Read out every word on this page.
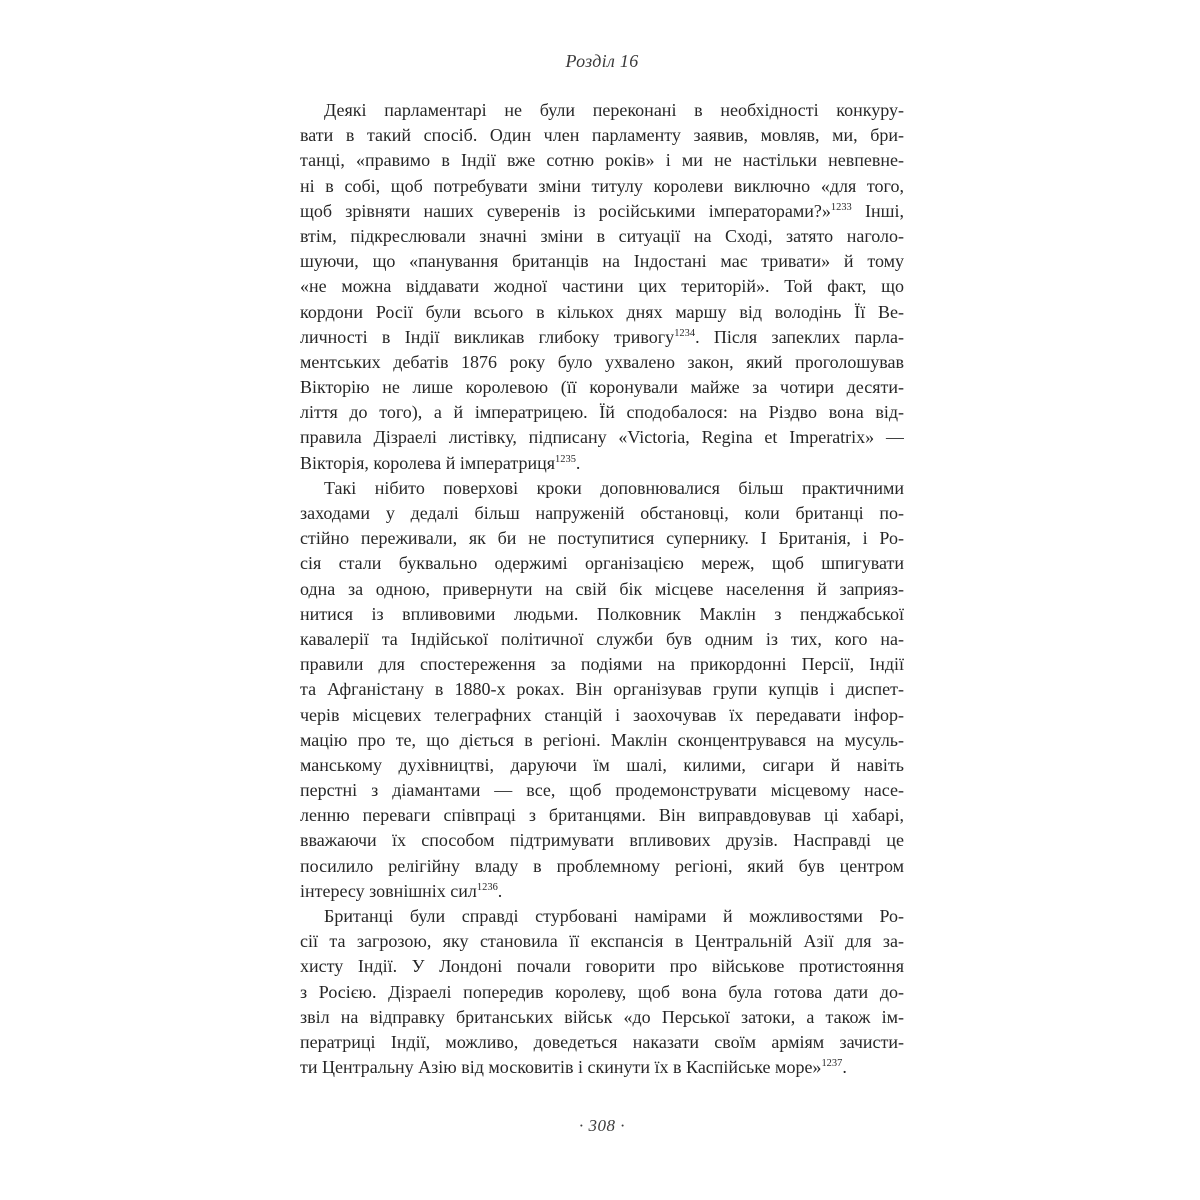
Розділ 16
Деякі парламентарі не були переконані в необхідності конкуру-
вати в такий спосіб. Один член парламенту заявив, мовляв, ми, бри-
танці, «правимо в Індії вже сотню років» і ми не настільки невпевне-
ні в собі, щоб потребувати зміни титулу королеви виключно «для того,
щоб зрівняти наших суверенів із російськими імператорами?»$^{1233}$ Інші,
втім, підкреслювали значні зміни в ситуації на Сході, затято наголо-
шуючи, що «панування британців на Індостані має тривати» й тому
«не можна віддавати жодної частини цих територій». Той факт, що
кордони Росії були всього в кількох днях маршу від володінь Її Ве-
личності в Індії викликав глибоку тривогу$^{1234}$. Після запеклих парла-
ментських дебатів 1876 року було ухвалено закон, який проголошував
Вікторію не лише королевою (її коронували майже за чотири десяти-
ліття до того), а й імператрицею. Їй сподобалося: на Різдво вона від-
правила Дізраелі листівку, підписану «Victoria, Regina et Imperatrix» —
Вікторія, королева й імператриця$^{1235}$.
Такі нібито поверхові кроки доповнювалися більш практичними
заходами у дедалі більш напруженій обстановці, коли британці по-
стійно переживали, як би не поступитися супернику. І Британія, і Ро-
сія стали буквально одержимі організацією мереж, щоб шпигувати
одна за одною, привернути на свій бік місцеве населення й заприяз-
нитися із впливовими людьми. Полковник Маклін з пенджабської
кавалерії та Індійської політичної служби був одним із тих, кого на-
правили для спостереження за подіями на прикордонні Персії, Індії
та Афганістану в 1880-х роках. Він організував групи купців і диспет-
черів місцевих телеграфних станцій і заохочував їх передавати інфор-
мацію про те, що діється в регіоні. Маклін сконцентрувався на мусуль-
манському духівництві, даруючи їм шалі, килими, сигари й навіть
перстні з діамантами — все, щоб продемонструвати місцевому насе-
ленню переваги співпраці з британцями. Він виправдовував ці хабарі,
вважаючи їх способом підтримувати впливових друзів. Насправді це
посилило релігійну владу в проблемному регіоні, який був центром
інтересу зовнішніх сил$^{1236}$.
Британці були справді стурбовані намірами й можливостями Ро-
сії та загрозою, яку становила її експансія в Центральній Азії для за-
хисту Індії. У Лондоні почали говорити про військове протистояння
з Росією. Дізраелі попередив королеву, щоб вона була готова дати до-
звіл на відправку британських військ «до Перської затоки, а також ім-
ператриці Індії, можливо, доведеться наказати своїм арміям зачисти-
ти Центральну Азію від московитів і скинути їх в Каспійське море»$^{1237}$.
· 308 ·
